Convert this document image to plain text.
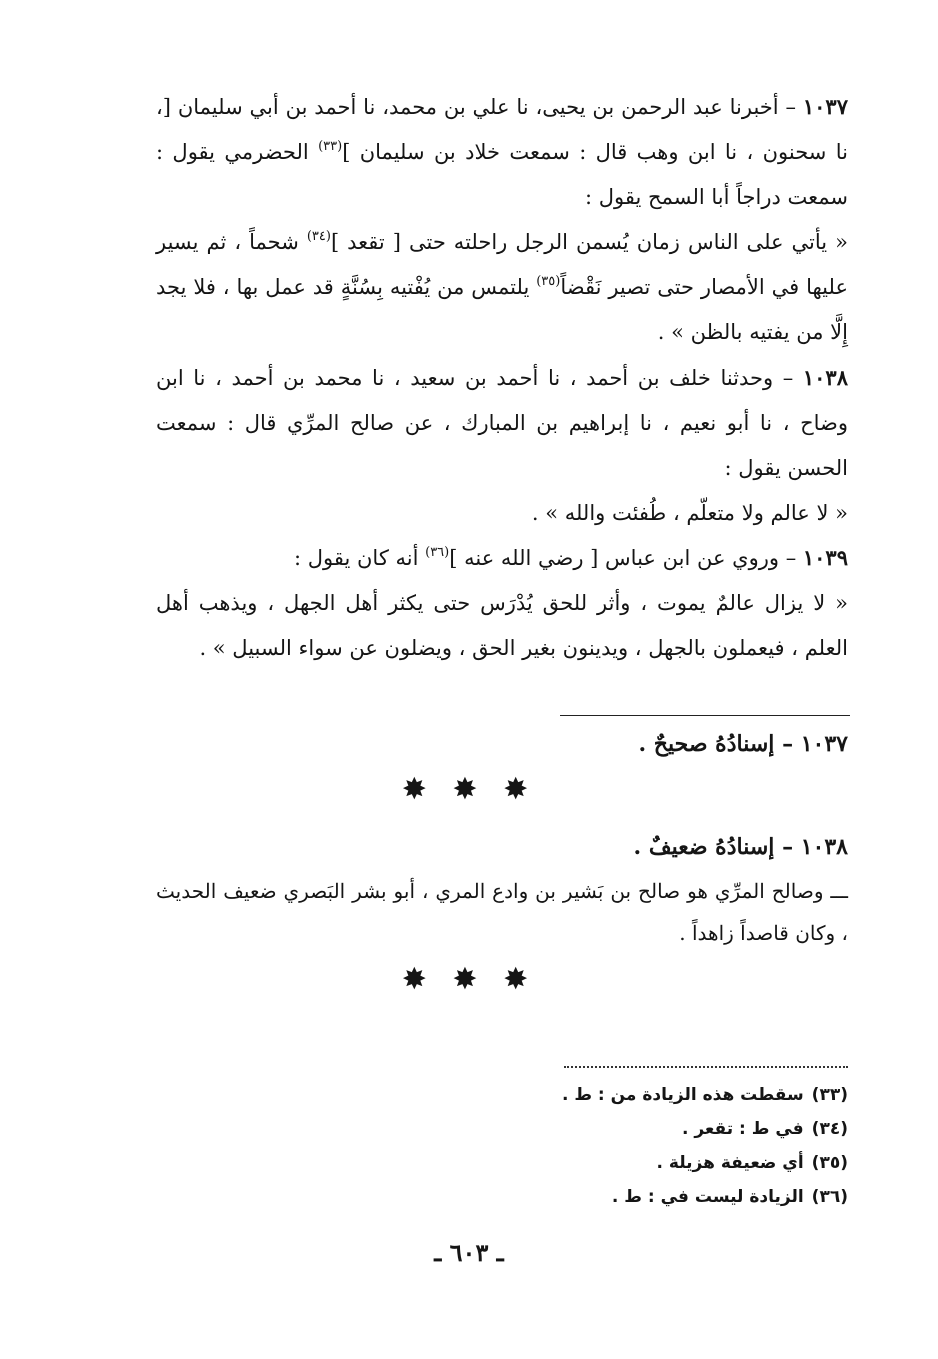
١٠٣٧ – أخبرنا عبد الرحمن بن يحيى، نا علي بن محمد، نا أحمد بن أبي سليمان [، نا سحنون ، نا ابن وهب قال : سمعت خلاد بن سليمان ]$^{(٣٣)}$ الحضرمي يقول : سمعت دراجاً أبا السمح يقول :
« يأتي على الناس زمان يُسمن الرجل راحلته حتى [ تقعد ]$^{(٣٤)}$ شحماً ، ثم يسير عليها في الأمصار حتى تصير نَقْضاً$^{(٣٥)}$ يلتمس من يُفْتيه بِسُنَّةٍ قد عمل بها ، فلا يجد إِلَّا من يفتيه بالظن » .
١٠٣٨ – وحدثنا خلف بن أحمد ، نا أحمد بن سعيد ، نا محمد بن أحمد ، نا ابن وضاح ، نا أبو نعيم ، نا إبراهيم بن المبارك ، عن صالح المرِّي قال : سمعت الحسن يقول :
« لا عالم ولا متعلّم ، طُفئت والله » .
١٠٣٩ – وروي عن ابن عباس [ رضي الله عنه ]$^{(٣٦)}$ أنه كان يقول :
« لا يزال عالمٌ يموت ، وأثر للحق يُدْرَس حتى يكثر أهل الجهل ، ويذهب أهل العلم ، فيعملون بالجهل ، ويدينون بغير الحق ، ويضلون عن سواء السبيل » .
١٠٣٧ – إسنادُهُ صحيحٌ .
✸ ✸ ✸
١٠٣٨ – إسنادُهُ ضعيفٌ .
ـــ وصالح المرِّي هو صالح بن بَشير بن وادع المري ، أبو بشر البَصري ضعيف الحديث ، وكان قاصداً زاهداً .
✸ ✸ ✸
(٣٣)سقطت هذه الزيادة من : ط .
(٣٤)في ط : تقعر .
(٣٥)أي ضعيفة هزيلة .
(٣٦)الزيادة ليست في : ط .
ـ ٦٠٣ ـ
